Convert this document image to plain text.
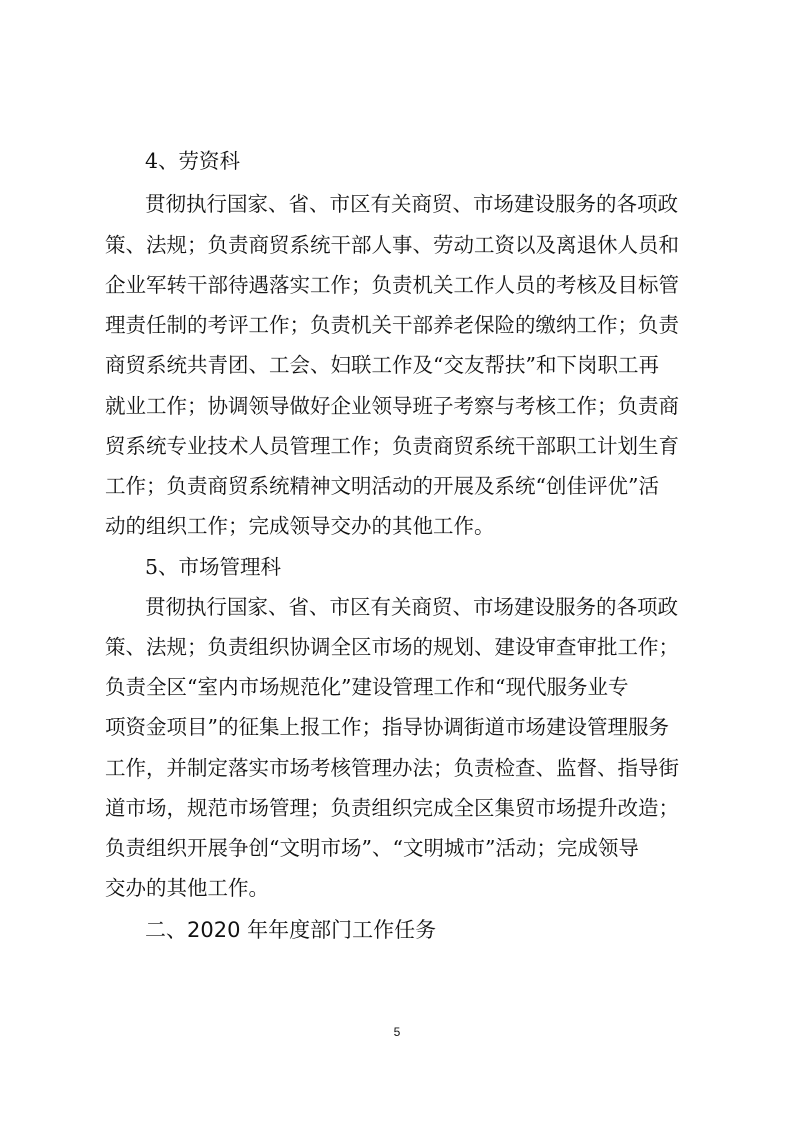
4、劳资科
贯彻执行国家、省、市区有关商贸、市场建设服务的各项政
策、法规；负责商贸系统干部人事、劳动工资以及离退休人员和
企业军转干部待遇落实工作；负责机关工作人员的考核及目标管
理责任制的考评工作；负责机关干部养老保险的缴纳工作；负责
商贸系统共青团、工会、妇联工作及“交友帮扶”和下岗职工再
就业工作；协调领导做好企业领导班子考察与考核工作；负责商
贸系统专业技术人员管理工作；负责商贸系统干部职工计划生育
工作；负责商贸系统精神文明活动的开展及系统“创佳评优”活
动的组织工作；完成领导交办的其他工作。
5、市场管理科
贯彻执行国家、省、市区有关商贸、市场建设服务的各项政
策、法规；负责组织协调全区市场的规划、建设审查审批工作；
负责全区“室内市场规范化”建设管理工作和“现代服务业专
项资金项目”的征集上报工作；指导协调街道市场建设管理服务
工作，并制定落实市场考核管理办法；负责检查、监督、指导街
道市场，规范市场管理；负责组织完成全区集贸市场提升改造；
负责组织开展争创“文明市场”、“文明城市”活动；完成领导
交办的其他工作。
二、2020 年年度部门工作任务
5
